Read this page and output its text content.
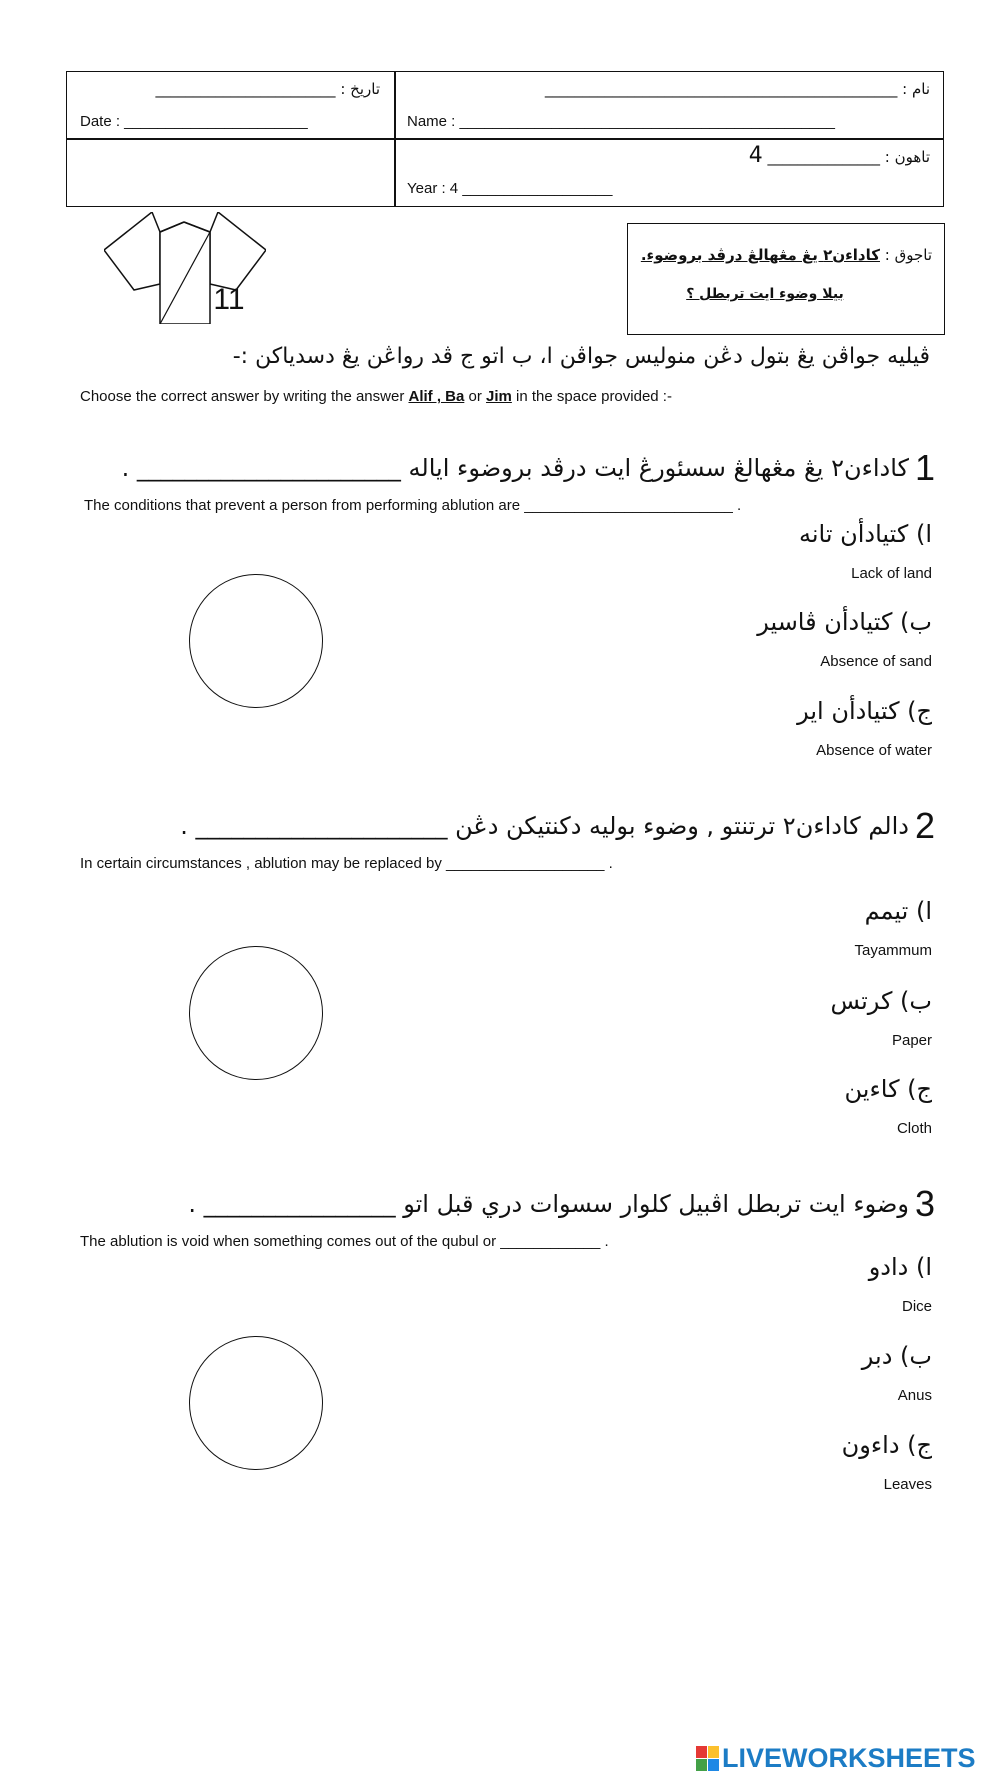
تاريخ : ________________________
Date : ______________________
نام : _______________________________________________
Name : _____________________________________________
تاهون : _______________ 4
Year : 4 __________________
11
تاجوق : كاداءن٢ يڠ مڠهالڠ درڤد بروضوء.
بيلا وضوء ايت تربطل ؟
ڤيليه جواڤن يڠ بتول دڠن منوليس جواڤن ا، ب اتو ج ڤد رواڠن يڠ دسدياكن :-
Choose the correct answer by writing the answer Alif , Ba or Jim in the space provided :-
كاداءن٢ يڠ مڠهالڠ سسئورڠ ايت درڤد بروضوء اياله ______________________ . 1
The conditions that prevent a person from performing ablution are _________________________ .
ا) كتيادأن تانه
Lack of land
ب) كتيادأن ڤاسير
Absence of sand
ج) كتيادأن اير
Absence of water
دالم كاداءن٢ ترتنتو , وضوء بوليه دكنتيكن دڠن _____________________ . 2
In certain circumstances , ablution may be replaced by ___________________ .
ا) تيمم
Tayammum
ب) كرتس
Paper
ج) كاءين
Cloth
وضوء ايت تربطل اڤبيل كلوار سسوات دري قبل اتو ________________ . 3
The ablution is void when something comes out of the qubul or ____________ .
ا) دادو
Dice
ب) دبر
Anus
ج) داءون
Leaves
LIVEWORKSHEETS
